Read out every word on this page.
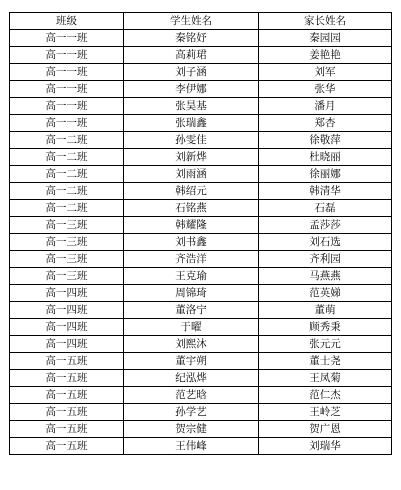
班级	学生姓名	家长姓名
高一一班	秦铭妤	秦园园
高一一班	高莉珺	姜艳艳
高一一班	刘子涵	刘军
高一一班	李伊娜	张华
高一一班	张昊基	潘月
高一一班	张瑞鑫	郑杏
高一二班	孙雯佳	徐敬萍
高一二班	刘新烨	杜晓丽
高一二班	刘雨涵	徐丽娜
高一二班	韩绍元	韩清华
高一二班	石铭燕	石磊
高一三班	韩耀隆	孟莎莎
高一三班	刘书鑫	刘石选
高一三班	齐浩洋	齐利园
高一三班	王克瑜	马燕燕
高一四班	周锦琦	范英娣
高一四班	董洛宁	董萌
高一四班	于曜	顾秀秉
高一四班	刘熙沐	张元元
高一五班	董宇朔	董士尧
高一五班	纪泓烨	王凤菊
高一五班	范艺晗	范仁杰
高一五班	孙学艺	王岭芝
高一五班	贺宗健	贺广恩
高一五班	王伟峰	刘瑞华
